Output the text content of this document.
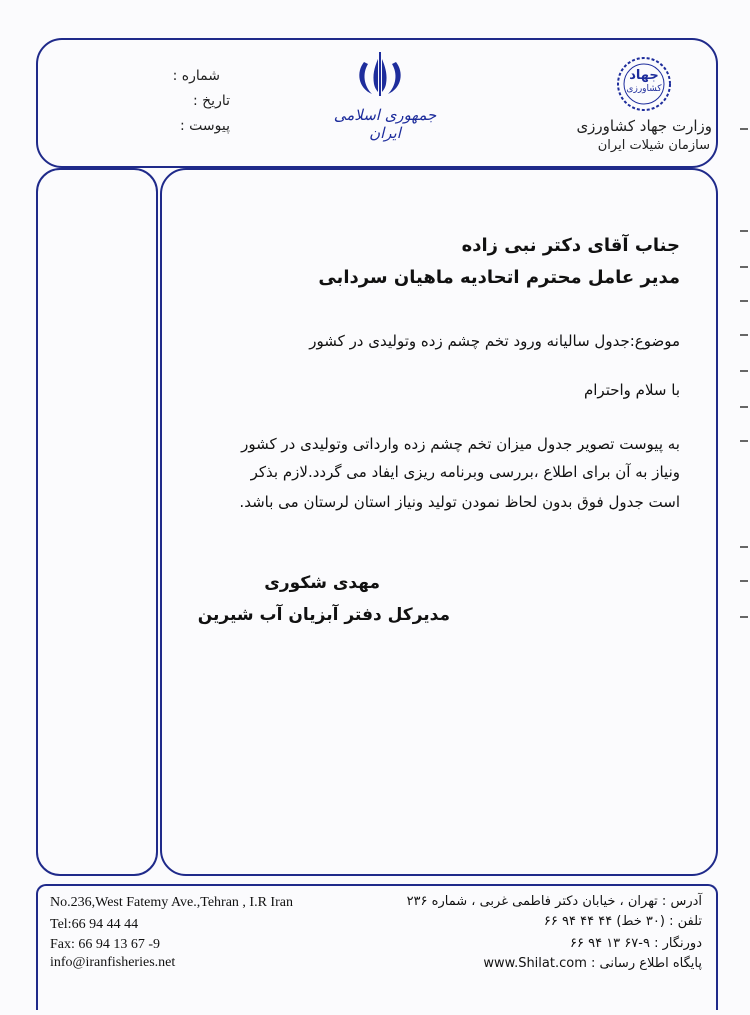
شماره :
تاریخ :
پیوست :
جمهوری اسلامی ایران
جهاد
کشاورزی
وزارت جهاد کشاورزی
سازمان شیلات ایران
جناب آقای دکتر نبی زاده
مدیر عامل محترم اتحادیه ماهیان سردابی
موضوع:جدول سالیانه ورود تخم چشم زده وتولیدی در کشور
با سلام واحترام
به پیوست تصویر جدول میزان تخم چشم زده وارداتی وتولیدی در کشور
ونیاز به آن برای اطلاع ،بررسی وبرنامه ریزی ایفاد می گردد.لازم بذکر
است جدول فوق بدون لحاظ نمودن تولید ونیاز استان لرستان می باشد.
مهدی شکوری
مدیرکل دفتر آبزیان آب شیرین
No.236,West Fatemy Ave.,Tehran , I.R Iran
Tel:66 94 44 44
Fax: 66 94 13 67 -9
info@iranfisheries.net
آدرس : تهران ، خیابان دکتر فاطمی غربی ، شماره ۲۳۶
تلفن : (۳۰ خط) ۴۴ ۴۴ ۹۴ ۶۶
دورنگار : ۹-۶۷ ۱۳ ۹۴ ۶۶
پایگاه اطلاع رسانی : www.Shilat.com
